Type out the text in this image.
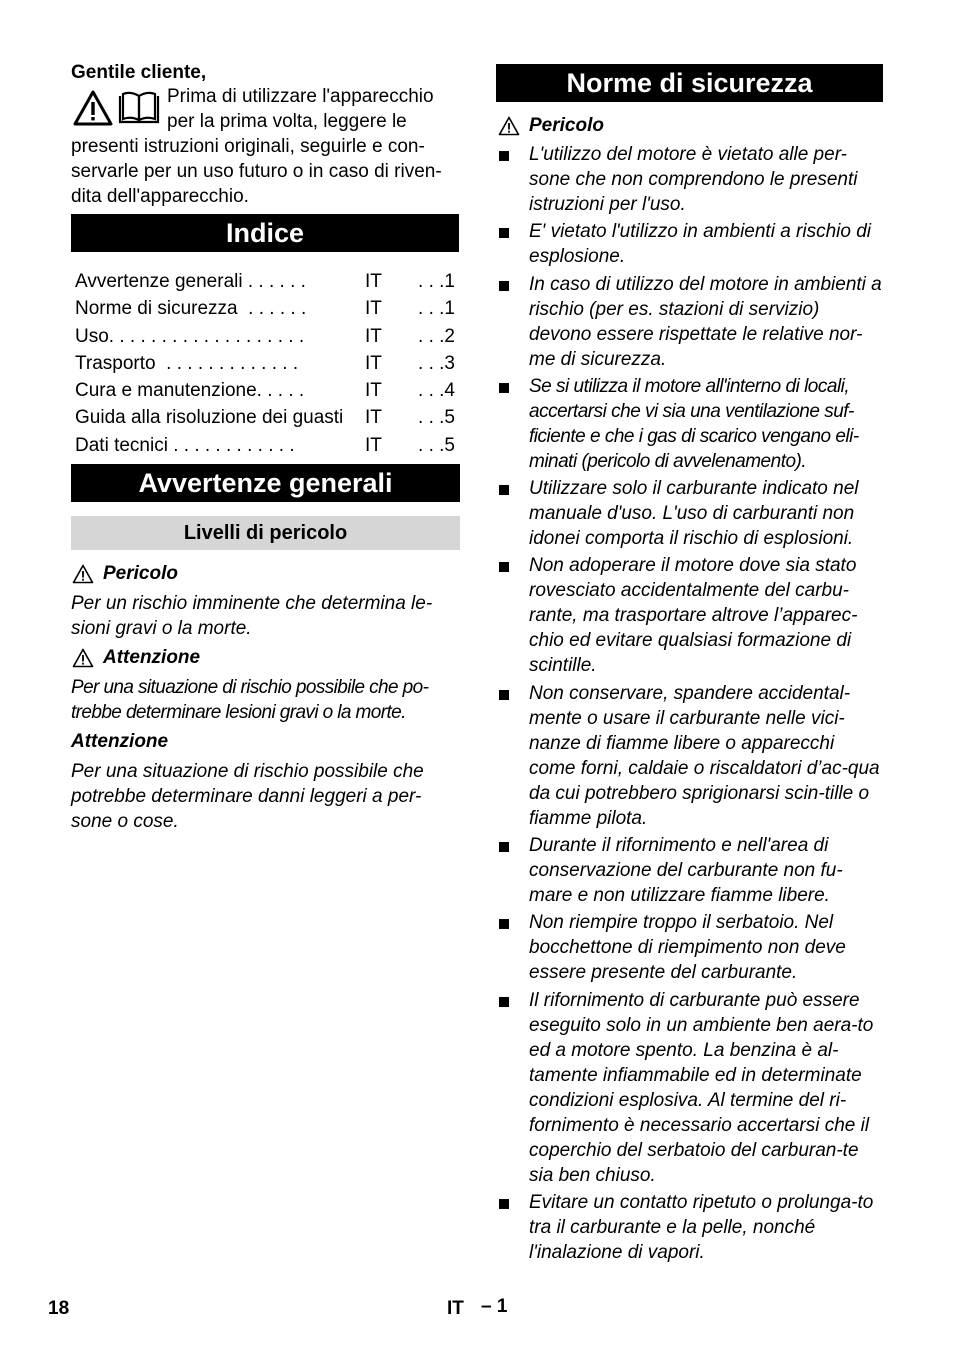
Gentile cliente,

Prima di utilizzare l'apparecchio

per la prima volta, leggere le

presenti istruzioni originali, seguirle e con-servarle per un uso futuro o in caso di riven-dita dell'apparecchio.

Indice
Avvertenze generali . . . . . .	IT . . .1
Norme di sicurezza  . . . . . .	IT . . .1
Uso. . . . . . . . . . . . . . . . . . .	IT . . .2
Trasporto  . . . . . . . . . . . . .	IT . . .3
Cura e manutenzione. . . . .	IT . . .4
Guida alla risoluzione dei guasti IT . . .5
Dati tecnici . . . . . . . . . . . .	IT . . .5
Avvertenze generali
Livelli di pericolo
Pericolo

Per un rischio imminente che determina le-sioni gravi o la morte.

Attenzione

Per una situazione di rischio possibile che po-trebbe determinare lesioni gravi o la morte.

Attenzione

Per una situazione di rischio possibile che potrebbe determinare danni leggeri a per-sone o cose.

Norme di sicurezza
Pericolo
L'utilizzo del motore è vietato alle per-sone che non comprendono le presenti istruzioni per l'uso.
E' vietato l'utilizzo in ambienti a rischio di esplosione.
In caso di utilizzo del motore in ambienti a rischio (per es. stazioni di servizio) devono essere rispettate le relative nor-me di sicurezza.
Se si utilizza il motore all'interno di locali, accertarsi che vi sia una ventilazione suf-ficiente e che i gas di scarico vengano eli-minati (pericolo di avvelenamento).
Utilizzare solo il carburante indicato nel manuale d'uso. L'uso di carburanti non idonei comporta il rischio di esplosioni.
Non adoperare il motore dove sia stato rovesciato accidentalmente del carbu-rante, ma trasportare altrove l’apparec-chio ed evitare qualsiasi formazione di scintille.
Non conservare, spandere accidental-mente o usare il carburante nelle vici-nanze di fiamme libere o apparecchi come forni, caldaie o riscaldatori d’ac-qua da cui potrebbero sprigionarsi scin-tille o fiamme pilota.
Durante il rifornimento e nell'area di conservazione del carburante non fu-mare e non utilizzare fiamme libere.
Non riempire troppo il serbatoio. Nel bocchettone di riempimento non deve essere presente del carburante.
Il rifornimento di carburante può essere eseguito solo in un ambiente ben aera-to ed a motore spento. La benzina è al-tamente infiammabile ed in determinate condizioni esplosiva. Al termine del ri-fornimento è necessario accertarsi che il coperchio del serbatoio del carburan-te sia ben chiuso.
Evitare un contatto ripetuto o prolunga-to tra il carburante e la pelle, nonché l'inalazione di vapori.
18	IT – 1
